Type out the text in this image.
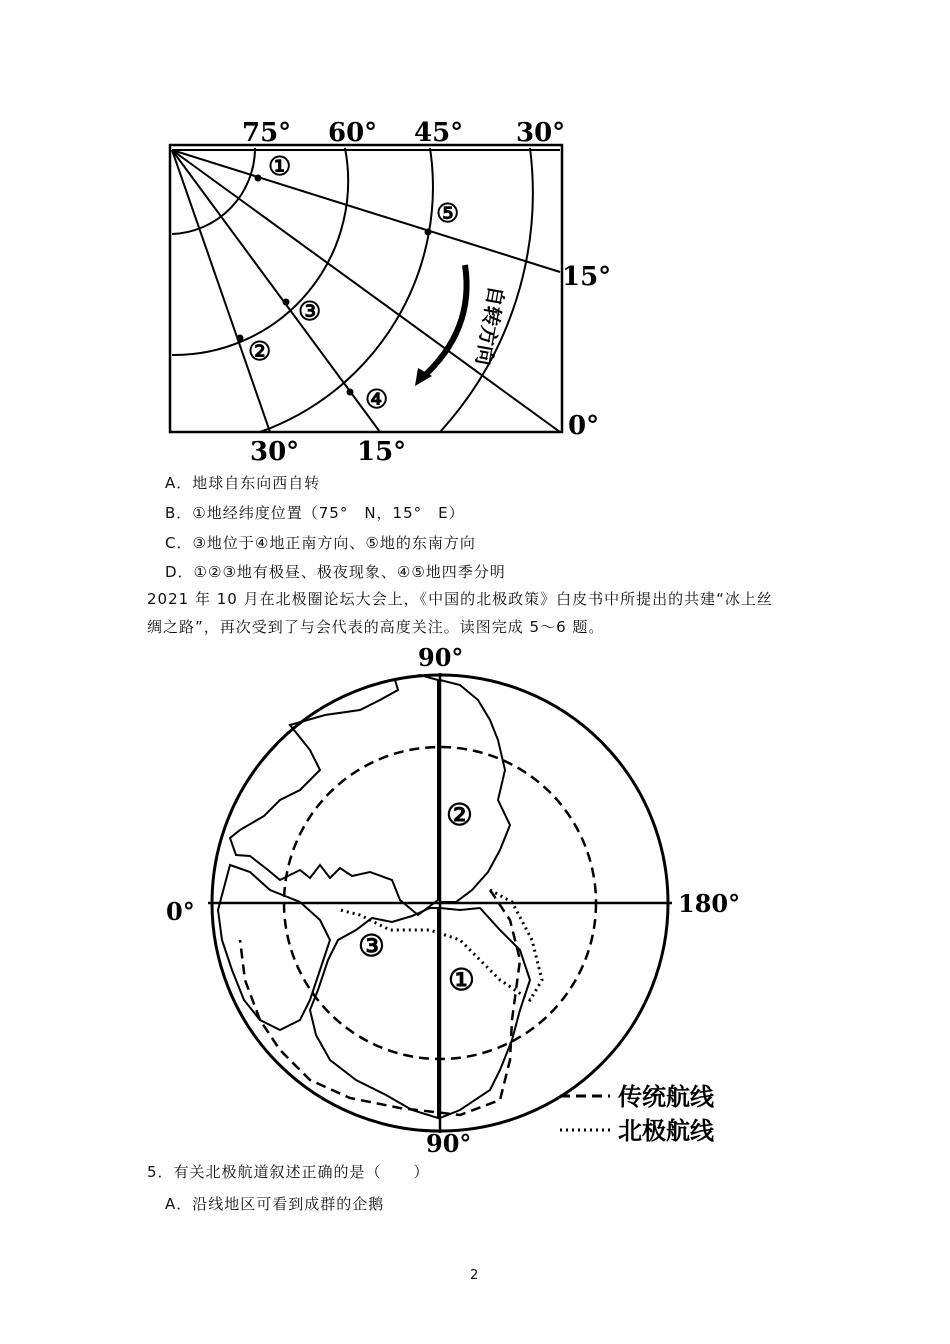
75° 60° 45° 30°
15°
30° 15°
0°
①
②
③
④
⑤
自转方向
A．地球自东向西自转
B．①地经纬度位置（75°　N，15°　E）
C．③地位于④地正南方向、⑤地的东南方向
D．①②③地有极昼、极夜现象、④⑤地四季分明
2021 年 10 月在北极圈论坛大会上，《中国的北极政策》白皮书中所提出的共建“冰上丝
绸之路”，再次受到了与会代表的高度关注。读图完成 5～6 题。
②
③
①
90°
90°
0°	180°
传统航线
北极航线
5．有关北极航道叙述正确的是（　　）
A．沿线地区可看到成群的企鹅
2
